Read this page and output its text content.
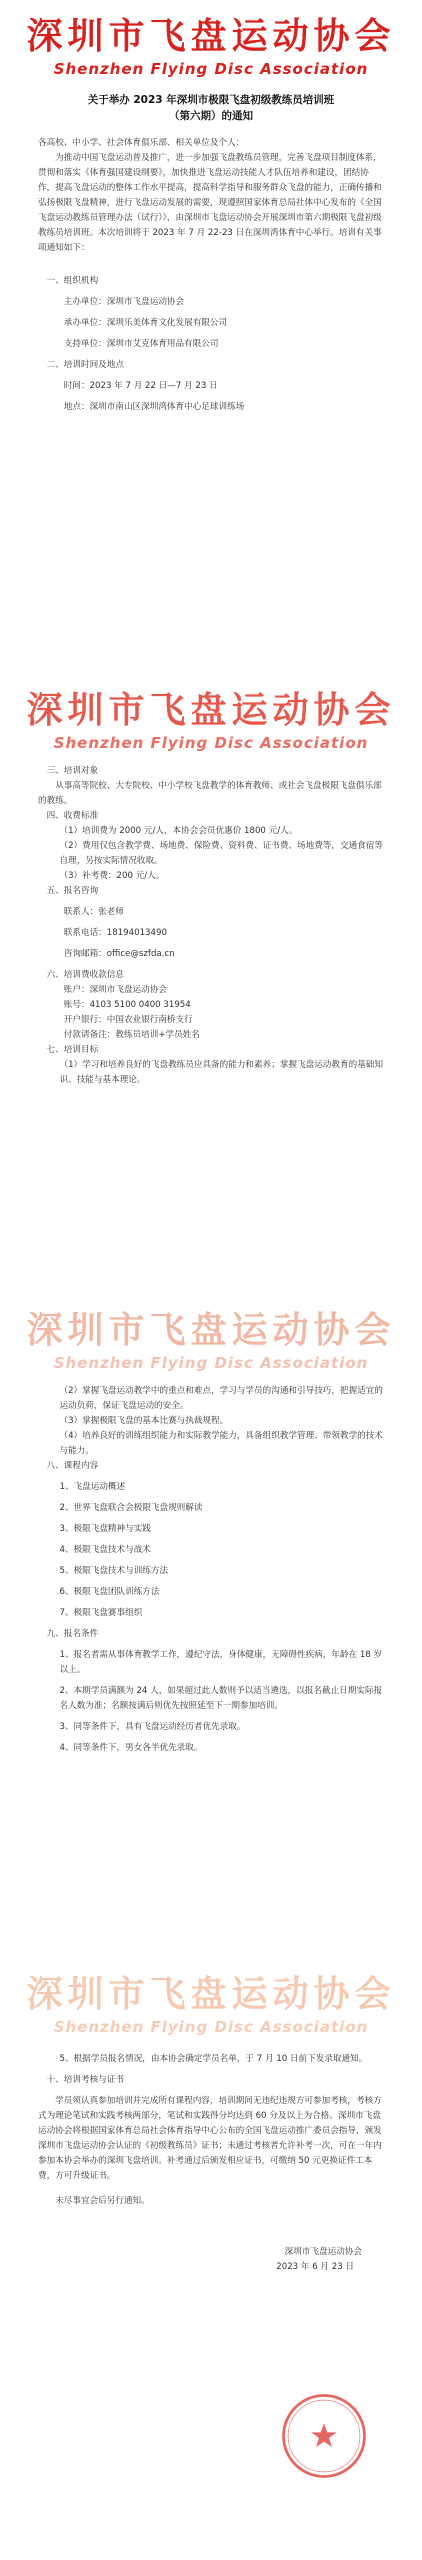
深圳市飞盘运动协会
Shenzhen Flying Disc Association
关于举办 2023 年深圳市极限飞盘初级教练员培训班
（第六期）的通知

各高校、中小学、社会体育俱乐部、相关单位及个人：

为推动中国飞盘运动普及推广，进一步加强飞盘教练员管理，完善飞盘项目制度体系，贯彻和落实《体育强国建设纲要》，加快推进飞盘运动技能人才队伍培养和建设，团结协作，提高飞盘运动的整体工作水平提高，提高科学指导和服务群众飞盘的能力，正确传播和弘扬极限飞盘精神，进行飞盘运动发展的需要，现遵照国家体育总局社体中心发布的《全国飞盘运动教练员管理办法（试行）》，由深圳市飞盘运动协会开展深圳市第六期极限飞盘初级教练员培训班。本次培训将于 2023 年 7 月 22-23 日在深圳湾体育中心举行。培训有关事项通知如下：

一、组织机构

主办单位：深圳市飞盘运动协会

承办单位：深圳乐美体育文化发展有限公司

支持单位：深圳市艾克体育用品有限公司

二、培训时间及地点

时间：2023 年 7 月 22 日—7 月 23 日

地点：深圳市南山区深圳湾体育中心足球训练场

深圳市飞盘运动协会
Shenzhen Flying Disc Association

三、培训对象

从事高等院校、大专院校、中小学校飞盘教学的体育教师、或社会飞盘极限飞盘俱乐部的教练。

四、收费标准

（1）培训费为 2000 元/人，本协会会员优惠价 1800 元/人。

（2）费用仅包含教学费、场地费、保险费、资料费、证书费、场地费等，交通食宿等自理，另按实际情况收取。

（3）补考费：200 元/人。

五、报名咨询

联系人：张老师

联系电话：18194013490

咨询邮箱：office@szfda.cn

六、培训费收款信息

账户：深圳市飞盘运动协会

账号：4103 5100 0400 31954

开户银行：中国农业银行南桥支行

付款请备注：教练员培训+学员姓名

七、培训目标

（1）学习和培养良好的飞盘教练员应具备的能力和素养；掌握飞盘运动教育的基础知识、技能与基本理论。

深圳市飞盘运动协会
Shenzhen Flying Disc Association

（2）掌握飞盘运动教学中的重点和难点，学习与学员的沟通和引导技巧，把握适宜的运动负荷，保证飞盘运动的安全。

（3）掌握极限飞盘的基本比赛与执裁规程。

（4）培养良好的训练组织能力和实际教学能力，具备组织教学管理、带领教学的技术与能力。

八、课程内容

1、飞盘运动概述

2、世界飞盘联合会极限飞盘规则解读

3、极限飞盘精神与实践

4、极限飞盘技术与战术

5、极限飞盘技术与训练方法

6、极限飞盘团队训练方法

7、极限飞盘赛事组织

九、报名条件

1、报名者需从事体育教学工作，遵纪守法，身体健康，无障碍性疾病，年龄在 18 岁以上。

2、本期学员满额为 24 人，如果超过此人数则予以适当遴选，以报名截止日期实际报名人数为准；名额按满后则优先按照延至下一期参加培训。

3、同等条件下，具有飞盘运动经历者优先录取。

4、同等条件下，男女各半优先录取。

深圳市飞盘运动协会
Shenzhen Flying Disc Association

5、根据学员报名情况，由本协会确定学员名单，于 7 月 10 日前下发录取通知。

十、培训考核与证书

学员须认真参加培训并完成所有课程内容，培训期间无违纪违规方可参加考核，考核方式为理论笔试和实践考核两部分，笔试和实践得分均达到 60 分及以上为合格。深圳市飞盘运动协会将根据国家体育总局社会体育指导中心公布的全国飞盘运动推广委员会指导，颁发深圳市飞盘运动协会认证的《初级教练员》证书；未通过考核者允许补考一次，可在一年内参加本协会举办的深圳飞盘培训。补考通过后颁发相应证书，可缴纳 50 元更换证件工本费，方可升级证书。

未尽事宜会后另行通知。

深圳市飞盘运动协会

2023 年 6 月 23 日
